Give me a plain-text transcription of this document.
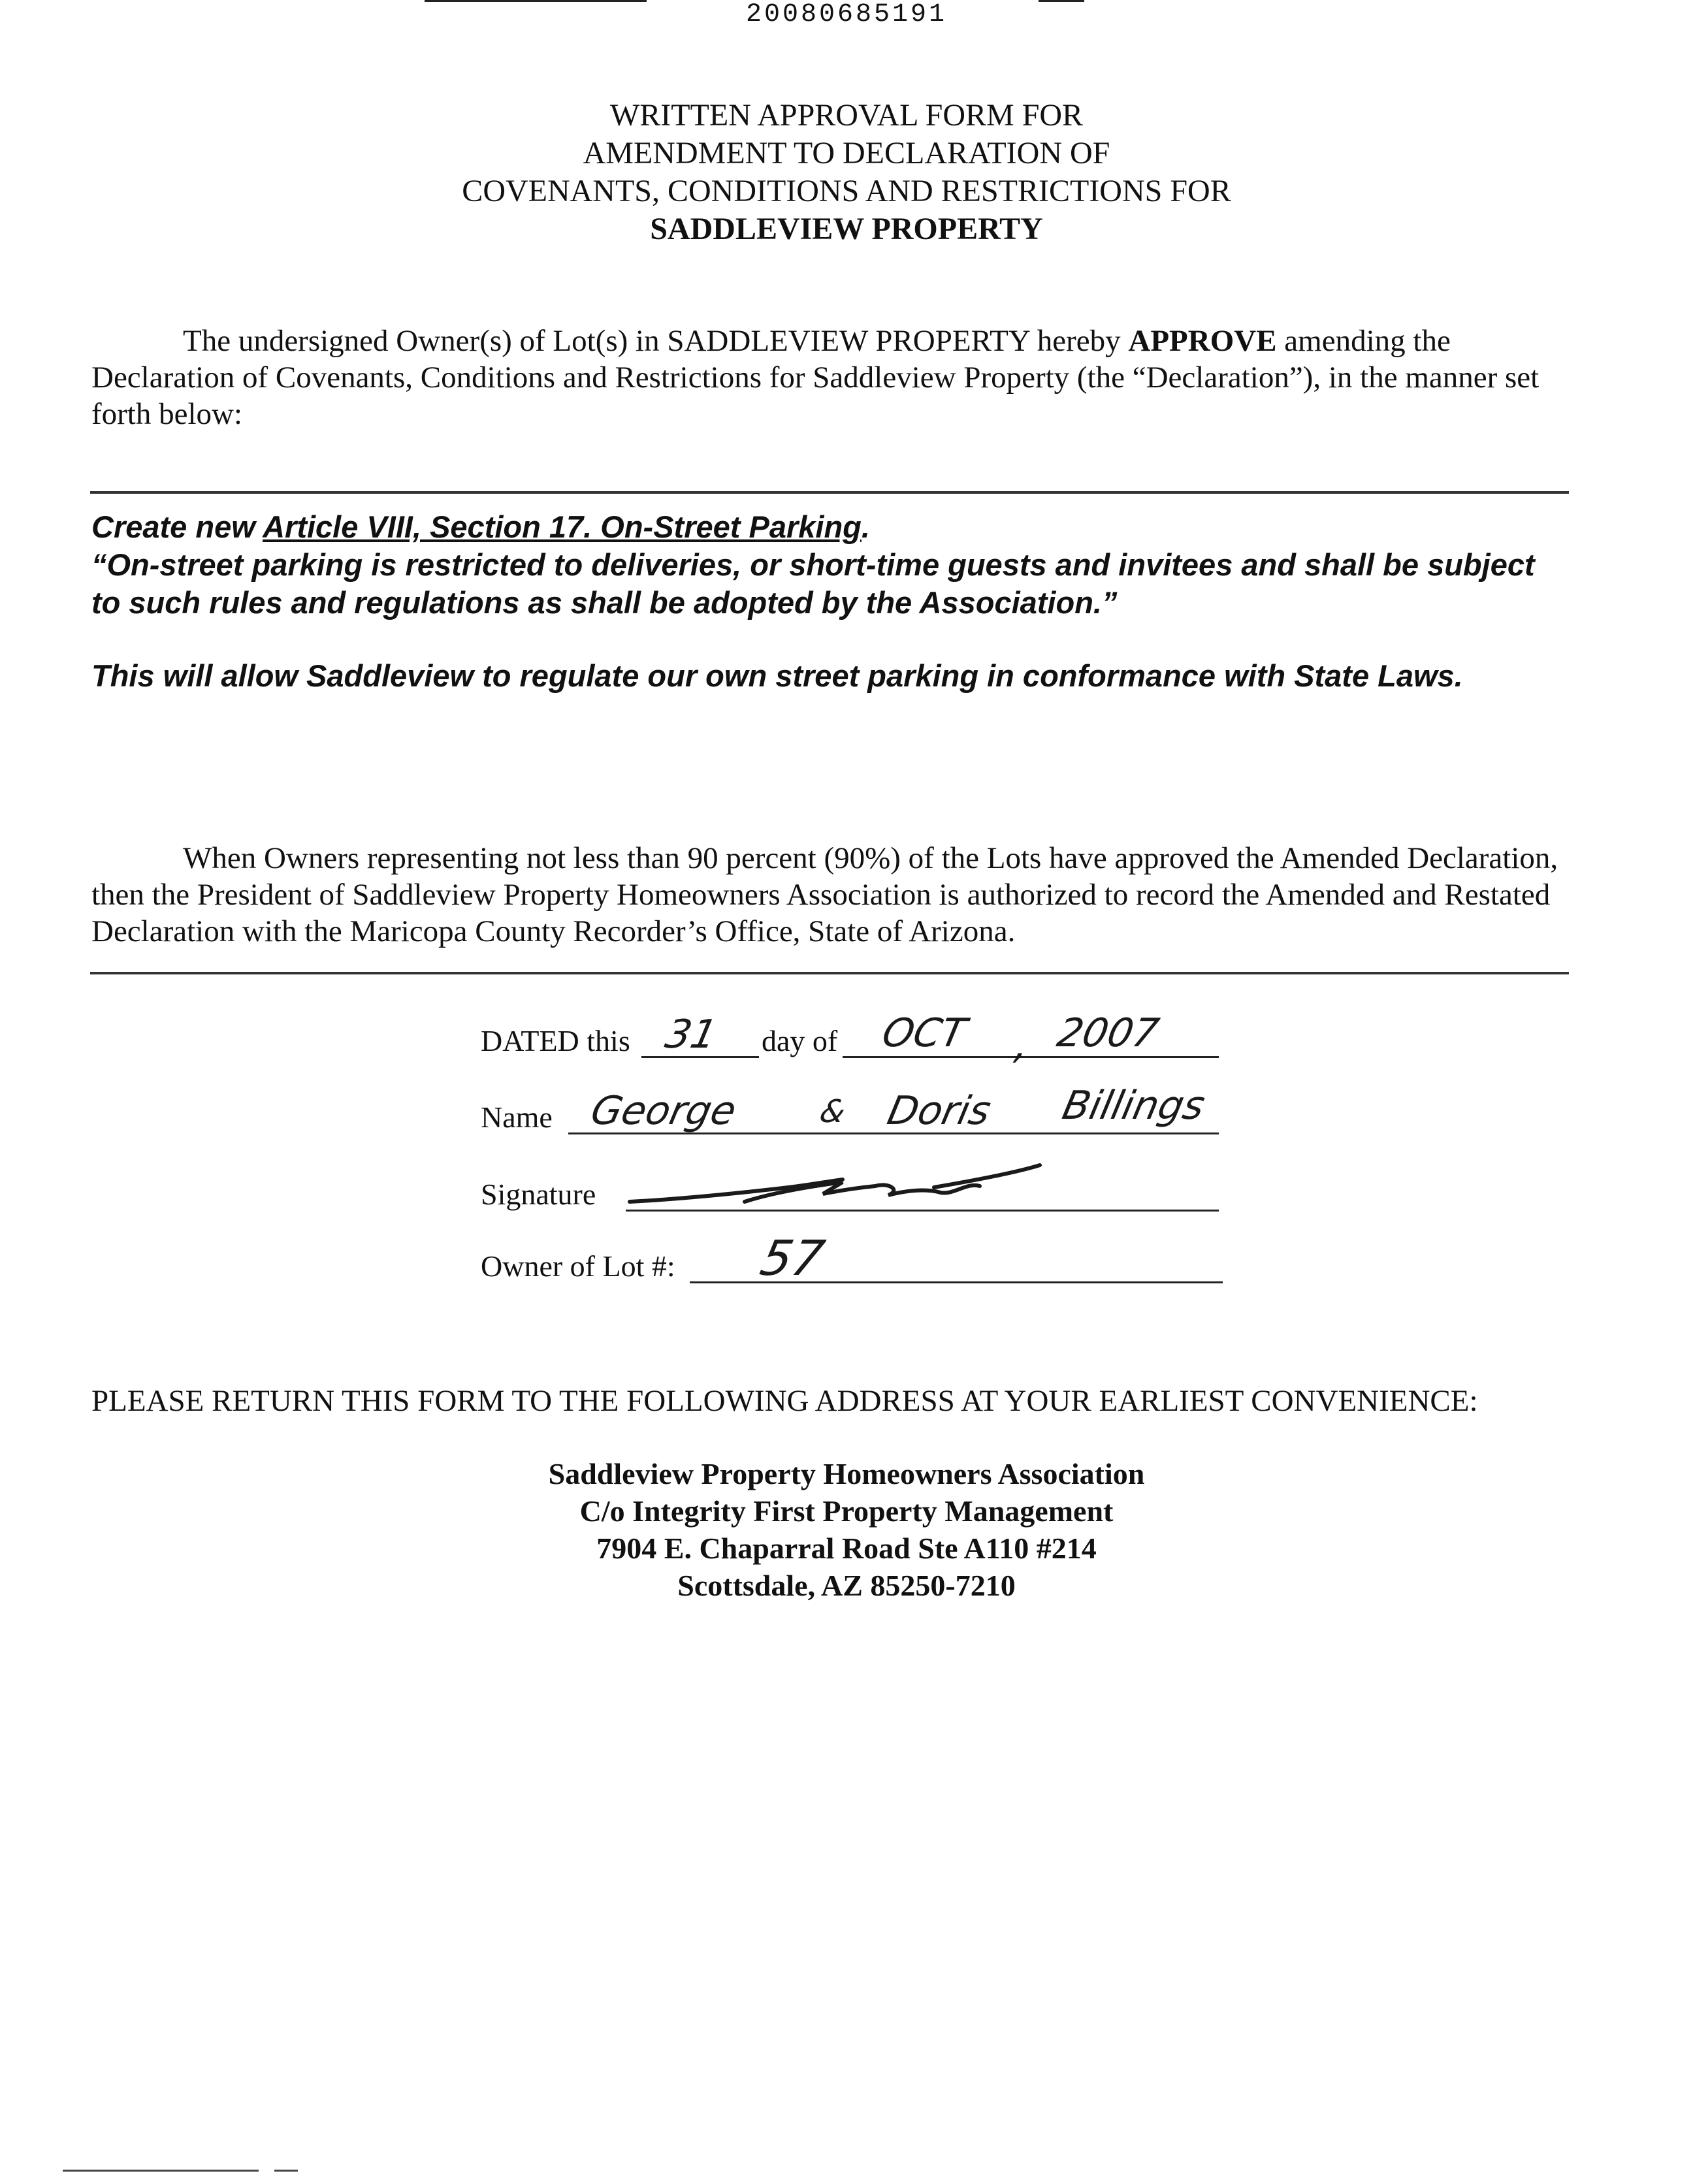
20080685191
WRITTEN APPROVAL FORM FOR
AMENDMENT TO DECLARATION OF
COVENANTS, CONDITIONS AND RESTRICTIONS FOR
SADDLEVIEW PROPERTY
The undersigned Owner(s) of Lot(s) in SADDLEVIEW PROPERTY hereby APPROVE amending the Declaration of Covenants, Conditions and Restrictions for Saddleview Property (the “Declaration”), in the manner set forth below:
Create new Article VIII, Section 17. On-Street Parking.
“On-street parking is restricted to deliveries, or short-time guests and invitees and shall be subject to such rules and regulations as shall be adopted by the Association.”
This will allow Saddleview to regulate our own street parking in conformance with State Laws.
When Owners representing not less than 90 percent (90%) of the Lots have approved the Amended Declaration, then the President of Saddleview Property Homeowners Association is authorized to record the Amended and Restated Declaration with the Maricopa County Recorder’s Office, State of Arizona.
DATED this 31 day of OCT , 2007
Name George & Doris Billings
Signature
Owner of Lot #: 57
PLEASE RETURN THIS FORM TO THE FOLLOWING ADDRESS AT YOUR EARLIEST CONVENIENCE:
Saddleview Property Homeowners Association
C/o Integrity First Property Management
7904 E. Chaparral Road Ste A110 #214
Scottsdale, AZ 85250-7210
